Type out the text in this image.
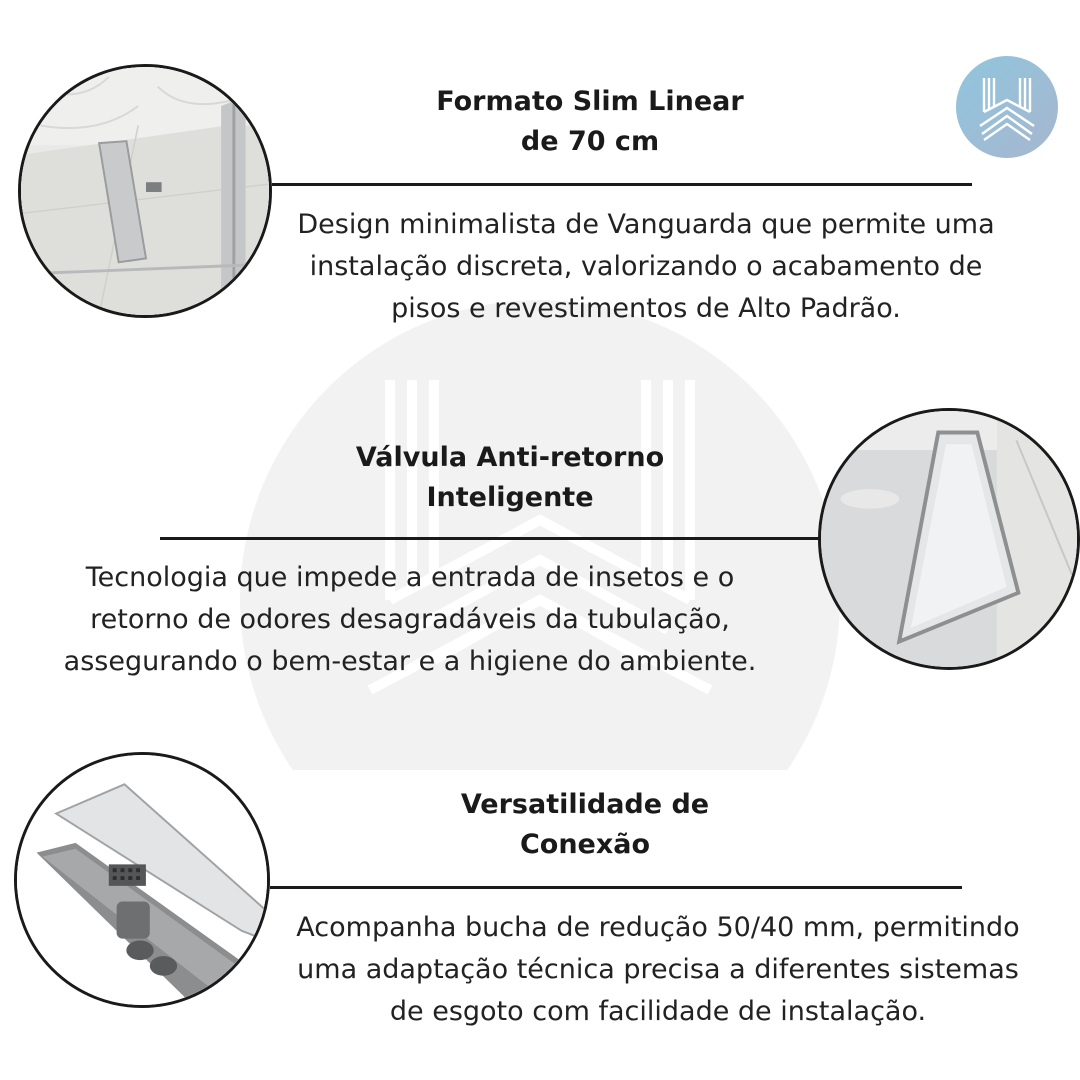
Formato Slim Linear
de 70 cm
Design minimalista de Vanguarda que permite uma
instalação discreta, valorizando o acabamento de
pisos e revestimentos de Alto Padrão.
Válvula Anti-retorno
Inteligente
Tecnologia que impede a entrada de insetos e o
retorno de odores desagradáveis da tubulação,
assegurando o bem-estar e a higiene do ambiente.
Versatilidade de
Conexão
Acompanha bucha de redução 50/40 mm, permitindo
uma adaptação técnica precisa a diferentes sistemas
de esgoto com facilidade de instalação.
